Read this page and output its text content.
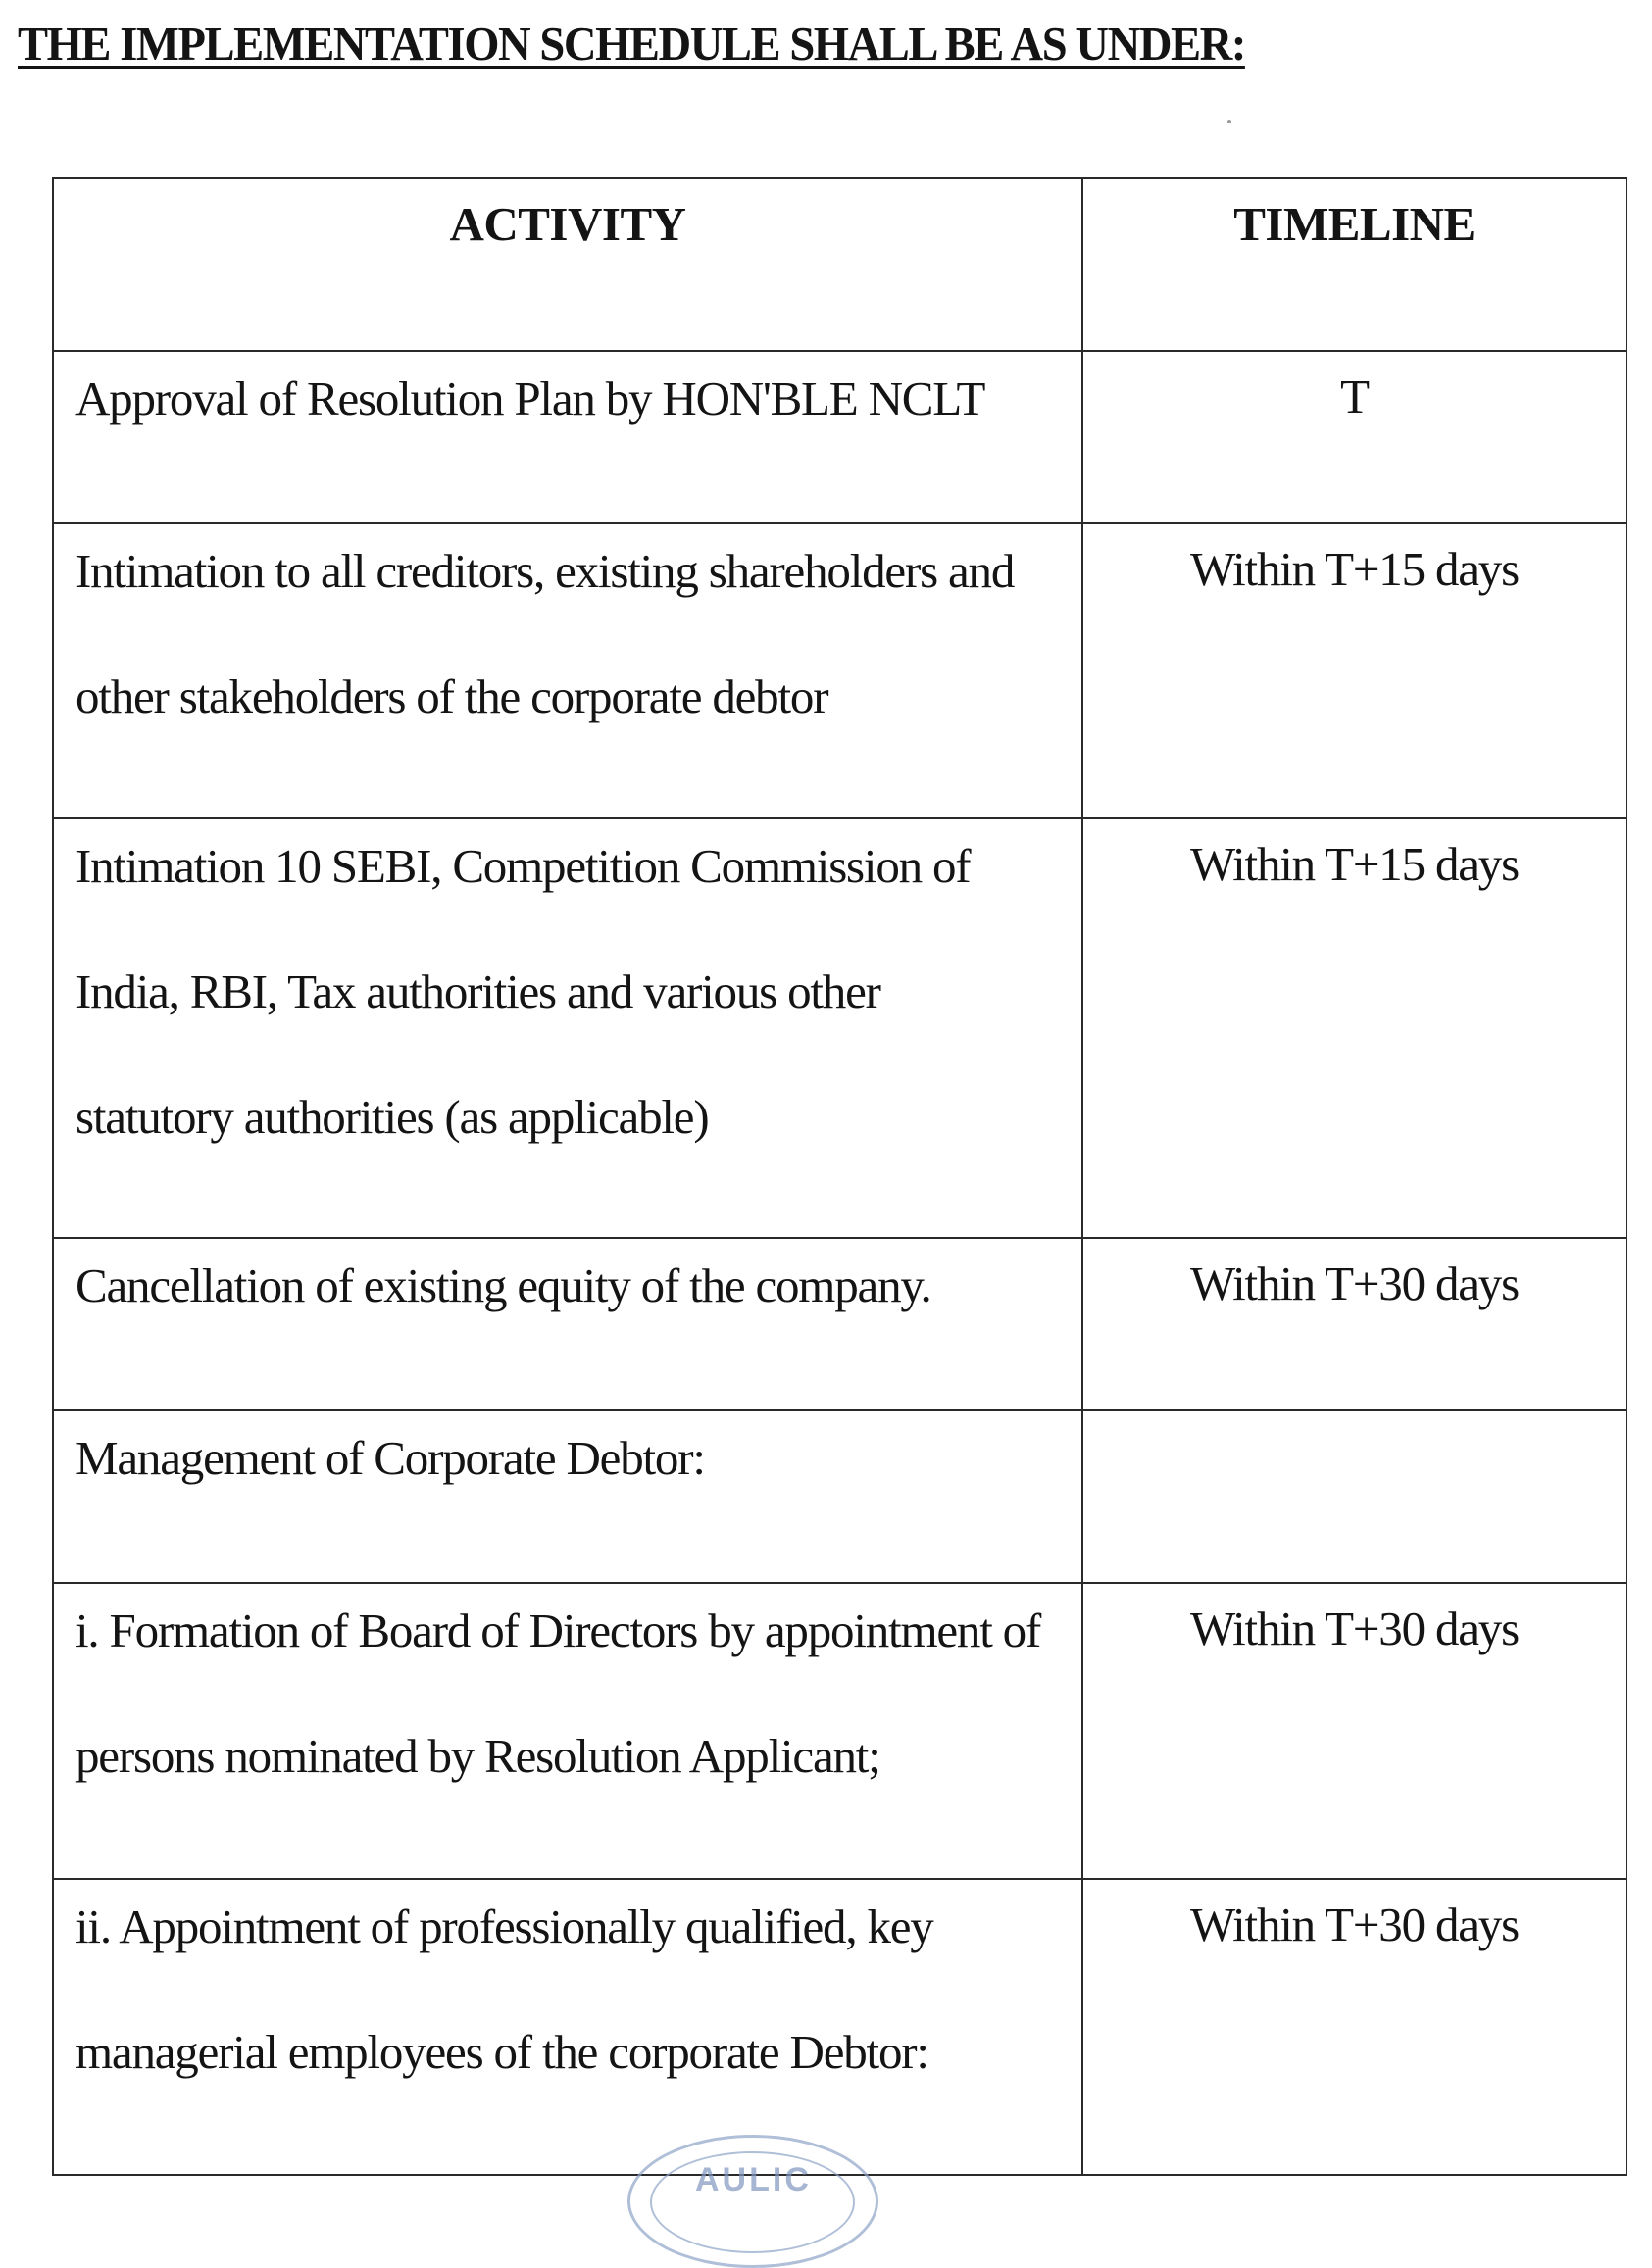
THE IMPLEMENTATION SCHEDULE SHALL BE AS UNDER:
ACTIVITY	TIMELINE

Approval of Resolution Plan by HON'BLE NCLT	T

Intimation to all creditors, existing shareholders and
other stakeholders of the corporate debtor	Within T+15 days

Intimation 10 SEBI, Competition Commission of
India, RBI, Tax authorities and various other
statutory authorities (as applicable)	Within T+15 days

Cancellation of existing equity of the company.	Within T+30 days

Management of Corporate Debtor:	

i. Formation of Board of Directors by appointment of
persons nominated by Resolution Applicant;	Within T+30 days

ii. Appointment of professionally qualified, key
managerial employees of the corporate Debtor:	Within T+30 days
AULIC
